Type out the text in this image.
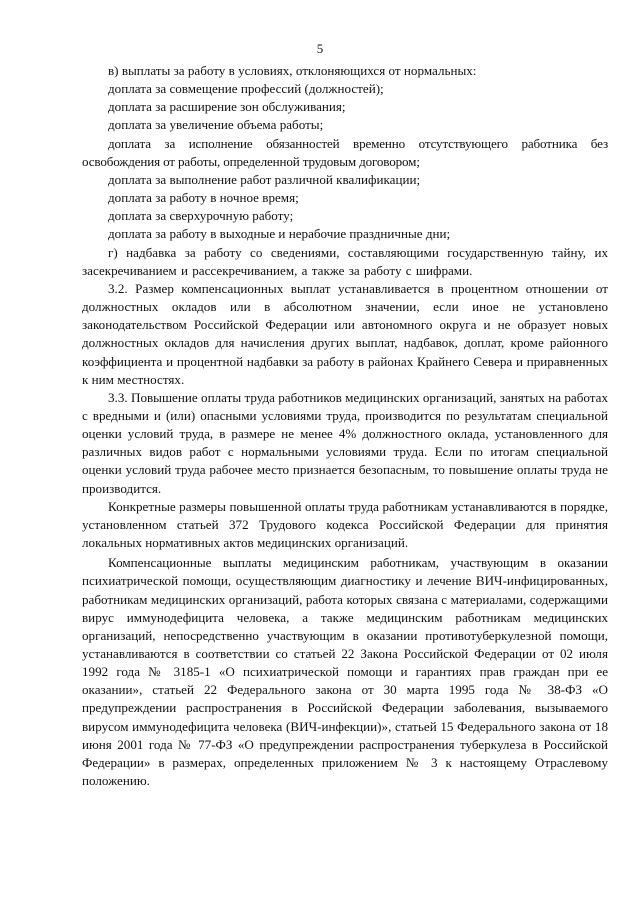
5

в) выплаты за работу в условиях, отклоняющихся от нормальных:

доплата за совмещение профессий (должностей);

доплата за расширение зон обслуживания;

доплата за увеличение объема работы;

доплата за исполнение обязанностей временно отсутствующего работника без освобождения от работы, определенной трудовым договором;

доплата за выполнение работ различной квалификации;

доплата за работу в ночное время;

доплата за сверхурочную работу;

доплата за работу в выходные и нерабочие праздничные дни;

г) надбавка за работу со сведениями, составляющими государственную тайну, их засекречиванием и рассекречиванием, а также за работу с шифрами.

3.2. Размер компенсационных выплат устанавливается в процентном отношении от должностных окладов или в абсолютном значении, если иное не установлено законодательством Российской Федерации или автономного округа и не образует новых должностных окладов для начисления других выплат, надбавок, доплат, кроме районного коэффициента и процентной надбавки за работу в районах Крайнего Севера и приравненных к ним местностях.

3.3. Повышение оплаты труда работников медицинских организаций, занятых на работах с вредными и (или) опасными условиями труда, производится по результатам специальной оценки условий труда, в размере не менее 4% должностного оклада, установленного для различных видов работ с нормальными условиями труда. Если по итогам специальной оценки условий труда рабочее место признается безопасным, то повышение оплаты труда не производится.

Конкретные размеры повышенной оплаты труда работникам устанавливаются в порядке, установленном статьей 372 Трудового кодекса Российской Федерации для принятия локальных нормативных актов медицинских организаций.

Компенсационные выплаты медицинским работникам, участвующим в оказании психиатрической помощи, осуществляющим диагностику и лечение ВИЧ-инфицированных, работникам медицинских организаций, работа которых связана с материалами, содержащими вирус иммунодефицита человека, а также медицинским работникам медицинских организаций, непосредственно участвующим в оказании противотуберкулезной помощи, устанавливаются в соответствии со статьей 22 Закона Российской Федерации от 02 июля 1992 года № 3185-1 «О психиатрической помощи и гарантиях прав граждан при ее оказании», статьей 22 Федерального закона от 30 марта 1995 года № 38-ФЗ «О предупреждении распространения в Российской Федерации заболевания, вызываемого вирусом иммунодефицита человека (ВИЧ-инфекции)», статьей 15 Федерального закона от 18 июня 2001 года № 77-ФЗ «О предупреждении распространения туберкулеза в Российской Федерации» в размерах, определенных приложением № 3 к настоящему Отраслевому положению.
